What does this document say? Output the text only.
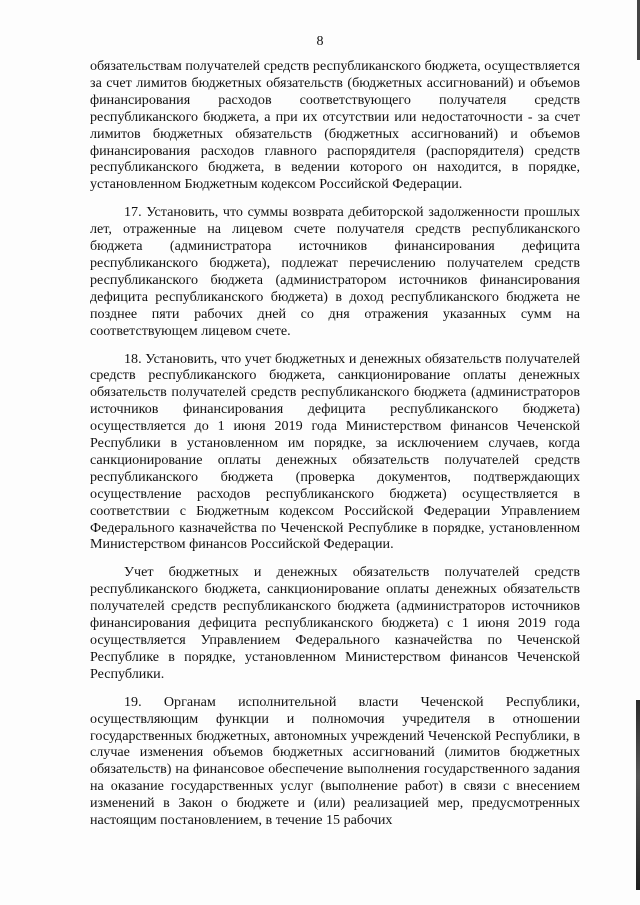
8

обязательствам получателей средств республиканского бюджета, осуществляется за счет лимитов бюджетных обязательств (бюджетных ассигнований) и объемов финансирования расходов соответствующего получателя средств республиканского бюджета, а при их отсутствии или недостаточности - за счет лимитов бюджетных обязательств (бюджетных ассигнований) и объемов финансирования расходов главного распорядителя (распорядителя) средств республиканского бюджета, в ведении которого он находится, в порядке, установленном Бюджетным кодексом Российской Федерации.

17. Установить, что суммы возврата дебиторской задолженности прошлых лет, отраженные на лицевом счете получателя средств республиканского бюджета (администратора источников финансирования дефицита республиканского бюджета), подлежат перечислению получателем средств республиканского бюджета (администратором источников финансирования дефицита республиканского бюджета) в доход республиканского бюджета не позднее пяти рабочих дней со дня отражения указанных сумм на соответствующем лицевом счете.

18. Установить, что учет бюджетных и денежных обязательств получателей средств республиканского бюджета, санкционирование оплаты денежных обязательств получателей средств республиканского бюджета (администраторов источников финансирования дефицита республиканского бюджета) осуществляется до 1 июня 2019 года Министерством финансов Чеченской Республики в установленном им порядке, за исключением случаев, когда санкционирование оплаты денежных обязательств получателей средств республиканского бюджета (проверка документов, подтверждающих осуществление расходов республиканского бюджета) осуществляется в соответствии с Бюджетным кодексом Российской Федерации Управлением Федерального казначейства по Чеченской Республике в порядке, установленном Министерством финансов Российской Федерации.

Учет бюджетных и денежных обязательств получателей средств республиканского бюджета, санкционирование оплаты денежных обязательств получателей средств республиканского бюджета (администраторов источников финансирования дефицита республиканского бюджета) с 1 июня 2019 года осуществляется Управлением Федерального казначейства по Чеченской Республике в порядке, установленном Министерством финансов Чеченской Республики.

19. Органам исполнительной власти Чеченской Республики, осуществляющим функции и полномочия учредителя в отношении государственных бюджетных, автономных учреждений Чеченской Республики, в случае изменения объемов бюджетных ассигнований (лимитов бюджетных обязательств) на финансовое обеспечение выполнения государственного задания на оказание государственных услуг (выполнение работ) в связи с внесением изменений в Закон о бюджете и (или) реализацией мер, предусмотренных настоящим постановлением, в течение 15 рабочих
